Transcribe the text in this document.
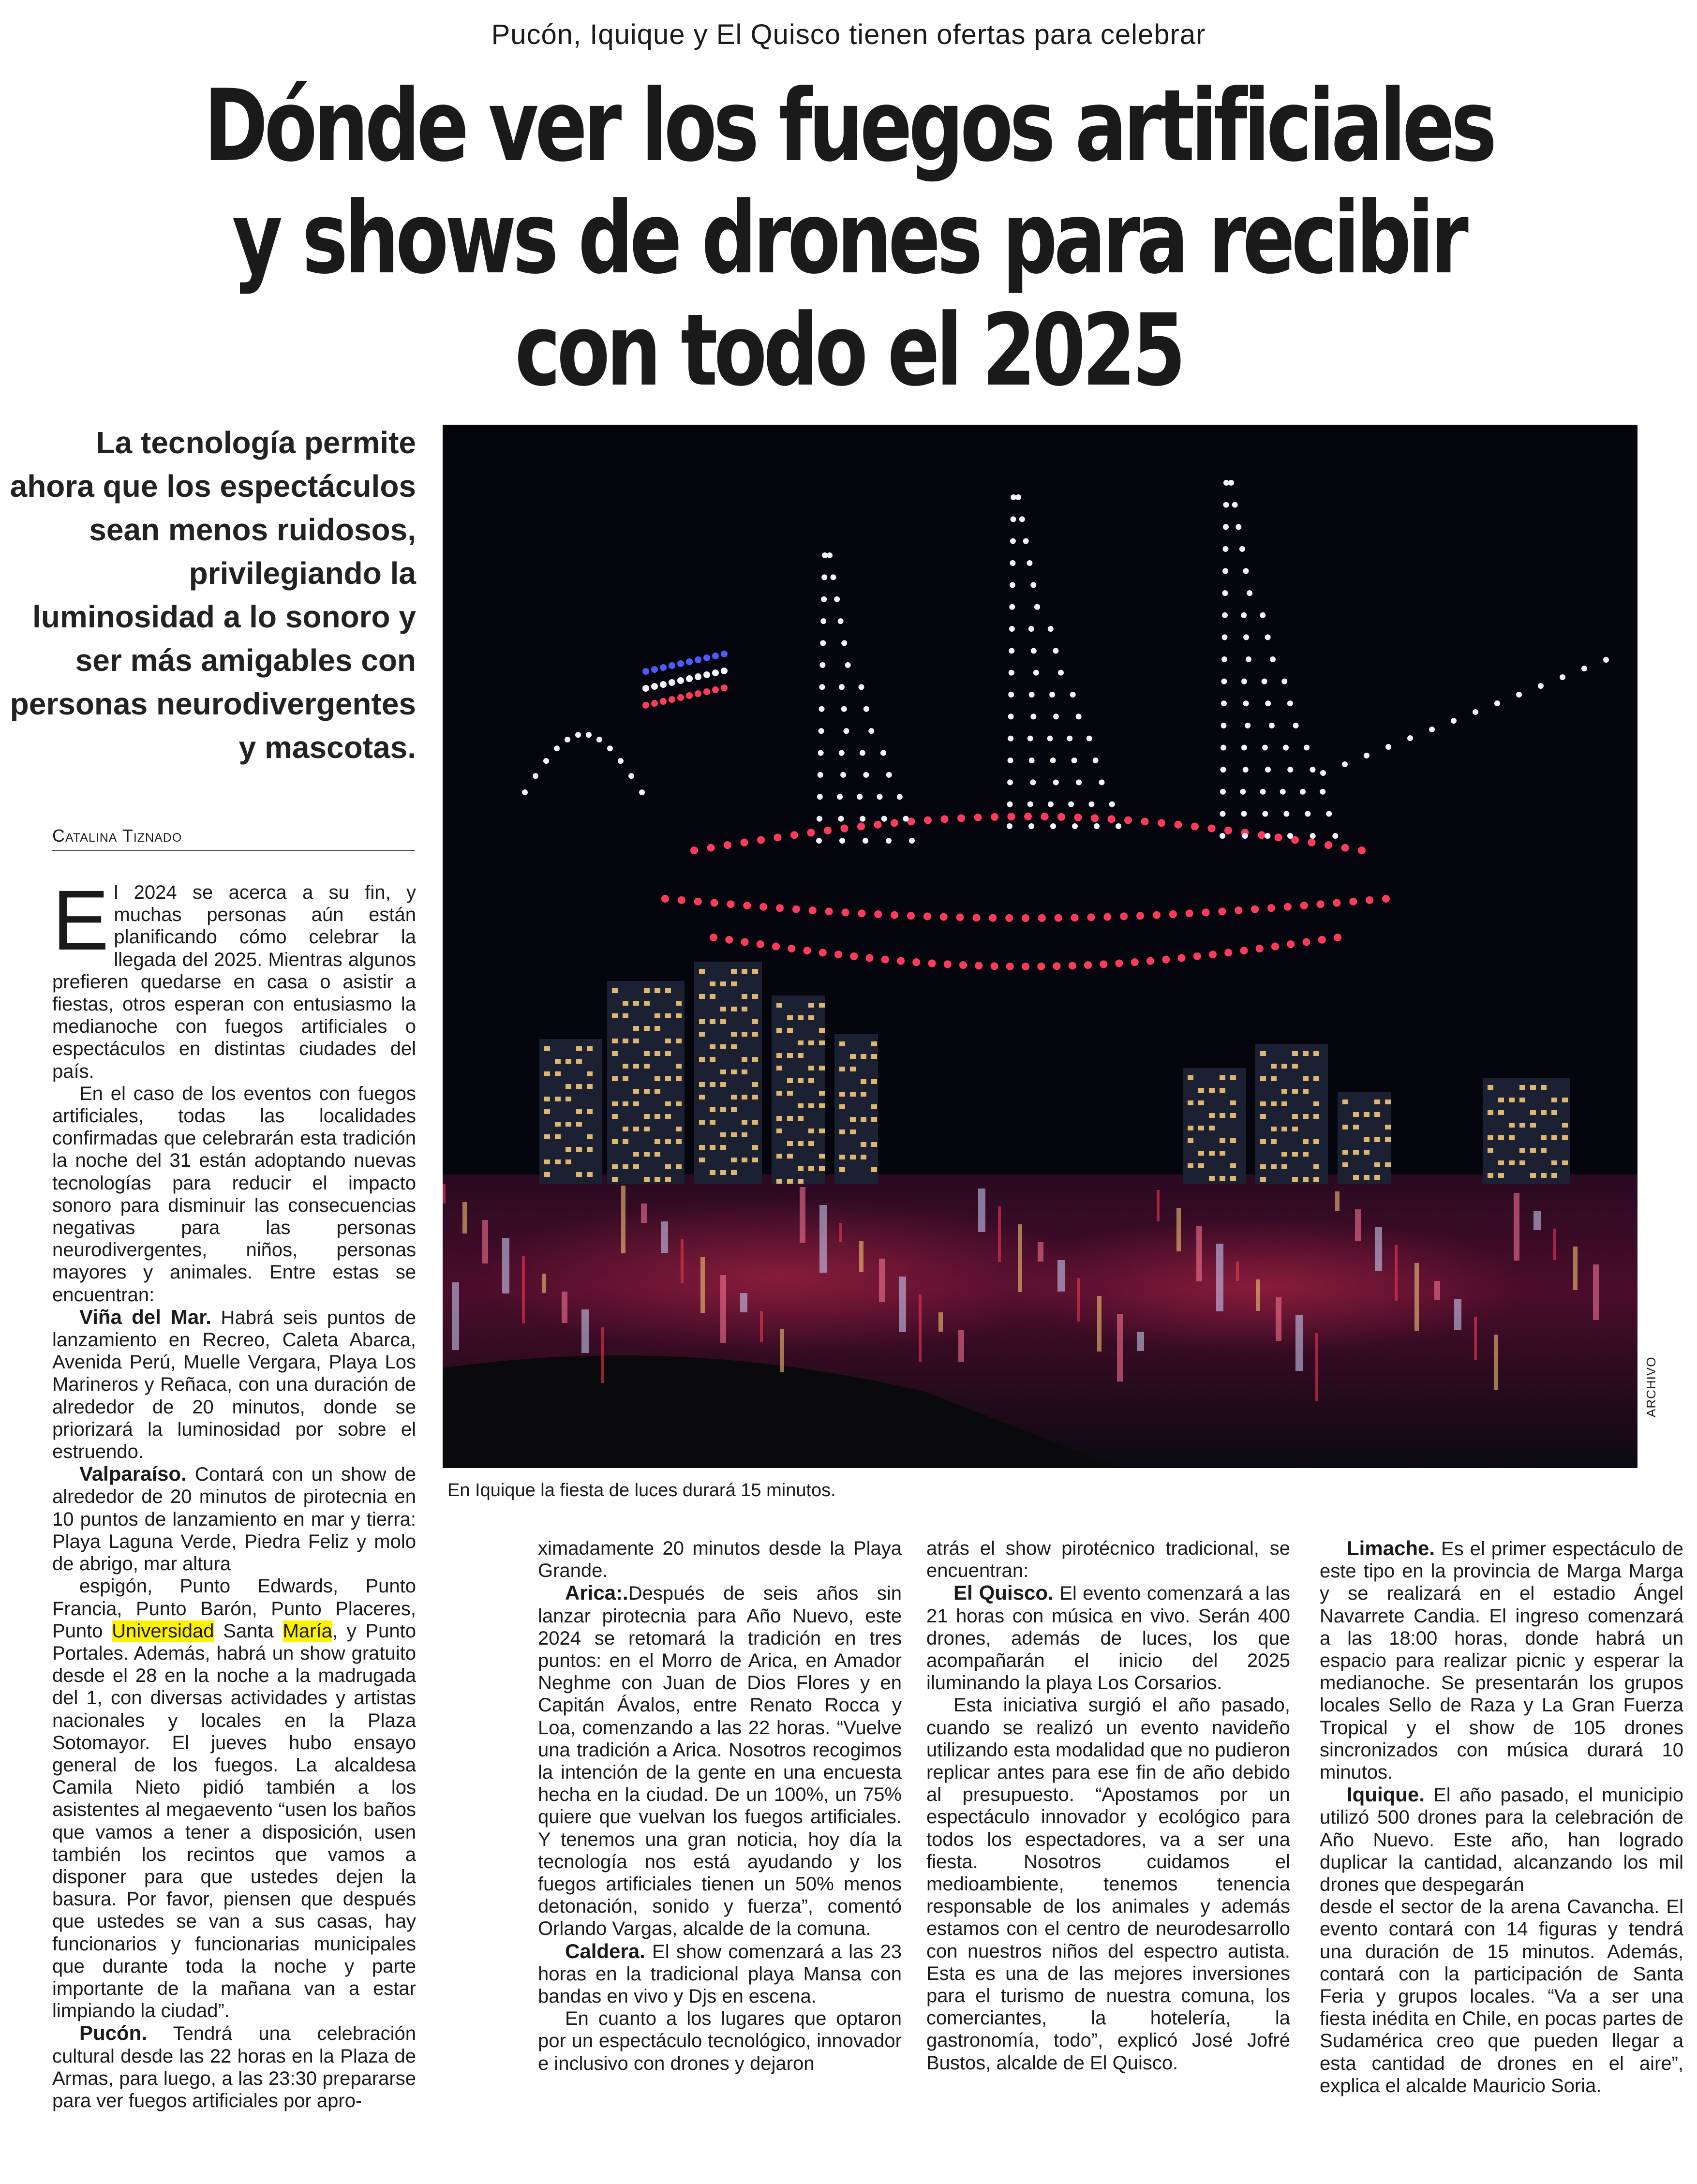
Pucón, Iquique y El Quisco tienen ofertas para celebrar
Dónde ver los fuegos artificiales
y shows de drones para recibir
con todo el 2025
La tecnología permite ahora que los espectáculos sean menos ruidosos, privilegiando la luminosidad a lo sonoro y ser más amigables con personas neurodivergentes y mascotas.
Catalina Tiznado
ARCHIVO
En Iquique la fiesta de luces durará 15 minutos.

El 2024 se acerca a su fin, y muchas personas aún están planificando cómo celebrar la llegada del 2025. Mientras algunos prefieren quedarse en casa o asistir a fiestas, otros esperan con entusiasmo la medianoche con fuegos artificiales o espectáculos en distintas ciudades del país.

En el caso de los eventos con fuegos artificiales, todas las localidades confirmadas que celebrarán esta tradición la noche del 31 están adoptando nuevas tecnologías para reducir el impacto sonoro para disminuir las consecuencias negativas para las personas neurodivergentes, niños, personas mayores y animales. Entre estas se encuentran:

Viña del Mar. Habrá seis puntos de lanzamiento en Recreo, Caleta Abarca, Avenida Perú, Muelle Vergara, Playa Los Marineros y Reñaca, con una duración de alrededor de 20 minutos, donde se priorizará la luminosidad por sobre el estruendo.

Valparaíso. Contará con un show de alrededor de 20 minutos de pirotecnia en 10 puntos de lanzamiento en mar y tierra: Playa Laguna Verde, Piedra Feliz y molo de abrigo, mar altura

espigón, Punto Edwards, Punto Francia, Punto Barón, Punto Placeres, Punto Universidad Santa María, y Punto Portales. Además, habrá un show gratuito desde el 28 en la noche a la madrugada del 1, con diversas actividades y artistas nacionales y locales en la Plaza Sotomayor. El jueves hubo ensayo general de los fuegos. La alcaldesa Camila Nieto pidió también a los asistentes al megaevento “usen los baños que vamos a tener a disposición, usen también los recintos que vamos a disponer para que ustedes dejen la basura. Por favor, piensen que después que ustedes se van a sus casas, hay funcionarios y funcionarias municipales que durante toda la noche y parte importante de la mañana van a estar limpiando la ciudad”.

Pucón. Tendrá una celebración cultural desde las 22 horas en la Plaza de Armas, para luego, a las 23:30 prepararse para ver fuegos artificiales por apro-

ximadamente 20 minutos desde la Playa Grande.

Arica:.Después de seis años sin lanzar pirotecnia para Año Nuevo, este 2024 se retomará la tradición en tres puntos: en el Morro de Arica, en Amador Neghme con Juan de Dios Flores y en Capitán Ávalos, entre Renato Rocca y Loa, comenzando a las 22 horas. “Vuelve una tradición a Arica. Nosotros recogimos la intención de la gente en una encuesta hecha en la ciudad. De un 100%, un 75% quiere que vuelvan los fuegos artificiales. Y tenemos una gran noticia, hoy día la tecnología nos está ayudando y los fuegos artificiales tienen un 50% menos detonación, sonido y fuerza”, comentó Orlando Vargas, alcalde de la comuna.

Caldera. El show comenzará a las 23 horas en la tradicional playa Mansa con bandas en vivo y Djs en escena.

En cuanto a los lugares que optaron por un espectáculo tecnológico, innovador e inclusivo con drones y dejaron

atrás el show pirotécnico tradicional, se encuentran:

El Quisco. El evento comenzará a las 21 horas con música en vivo. Serán 400 drones, además de luces, los que acompañarán el inicio del 2025 iluminando la playa Los Corsarios.

Esta iniciativa surgió el año pasado, cuando se realizó un evento navideño utilizando esta modalidad que no pudieron replicar antes para ese fin de año debido al presupuesto. “Apostamos por un espectáculo innovador y ecológico para todos los espectadores, va a ser una fiesta. Nosotros cuidamos el medioambiente, tenemos tenencia responsable de los animales y además estamos con el centro de neurodesarrollo con nuestros niños del espectro autista. Esta es una de las mejores inversiones para el turismo de nuestra comuna, los comerciantes, la hotelería, la gastronomía, todo”, explicó José Jofré Bustos, alcalde de El Quisco.

Limache. Es el primer espectáculo de este tipo en la provincia de Marga Marga y se realizará en el estadio Ángel Navarrete Candia. El ingreso comenzará a las 18:00 horas, donde habrá un espacio para realizar picnic y esperar la medianoche. Se presentarán los grupos locales Sello de Raza y La Gran Fuerza Tropical y el show de 105 drones sincronizados con música durará 10 minutos.

Iquique. El año pasado, el municipio utilizó 500 drones para la celebración de Año Nuevo. Este año, han logrado duplicar la cantidad, alcanzando los mil drones que despegarán

desde el sector de la arena Cavancha. El evento contará con 14 figuras y tendrá una duración de 15 minutos. Además, contará con la participación de Santa Feria y grupos locales. “Va a ser una fiesta inédita en Chile, en pocas partes de Sudamérica creo que pueden llegar a esta cantidad de drones en el aire”, explica el alcalde Mauricio Soria.
